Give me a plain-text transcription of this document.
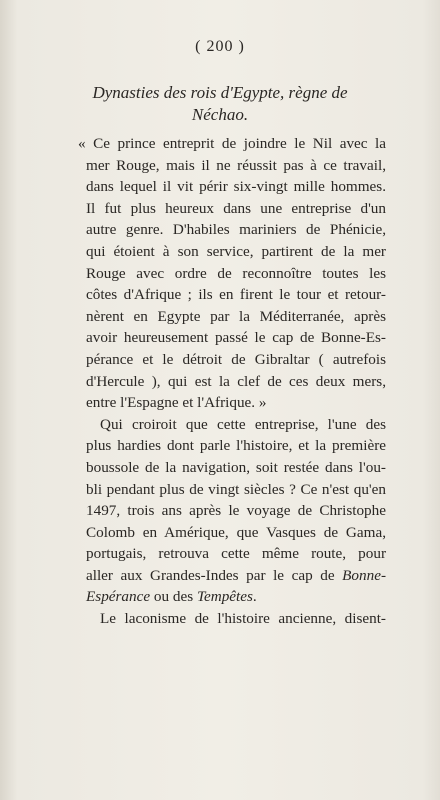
( 200 )
Dynasties des rois d'Egypte, règne de
Néchao.
« Ce prince entreprit de joindre le Nil avec la
mer Rouge, mais il ne réussit pas à ce travail,
dans lequel il vit périr six-vingt mille hommes.
Il fut plus heureux dans une entreprise d'un
autre genre. D'habiles mariniers de Phénicie,
qui étoient à son service, partirent de la mer
Rouge avec ordre de reconnoître toutes les
côtes d'Afrique ; ils en firent le tour et retour-
nèrent en Egypte par la Méditerranée, après
avoir heureusement passé le cap de Bonne-Es-
pérance et le détroit de Gibraltar ( autrefois
d'Hercule ), qui est la clef de ces deux mers,
entre l'Espagne et l'Afrique. »
Qui croiroit que cette entreprise, l'une des
plus hardies dont parle l'histoire, et la première
boussole de la navigation, soit restée dans l'ou-
bli pendant plus de vingt siècles ? Ce n'est qu'en
1497, trois ans après le voyage de Christophe
Colomb en Amérique, que Vasques de Gama,
portugais, retrouva cette même route, pour
aller aux Grandes-Indes par le cap de Bonne-
Espérance ou des Tempêtes.
Le laconisme de l'histoire ancienne, disent-
